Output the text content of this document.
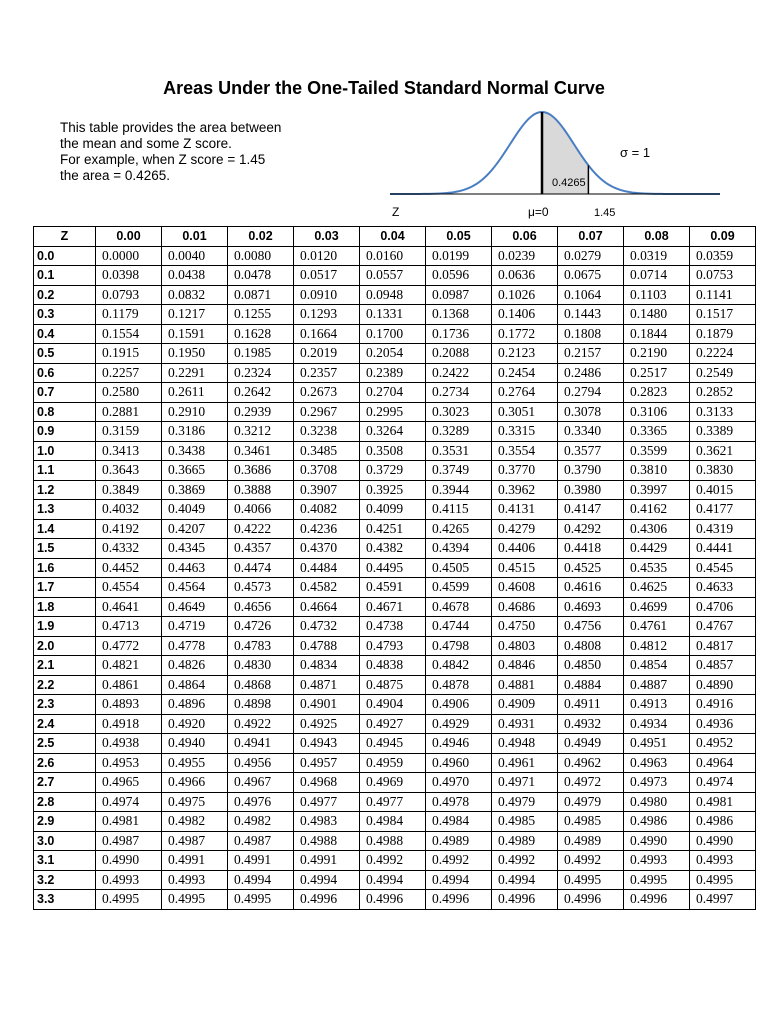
Areas Under the One-Tailed Standard Normal Curve
This table provides the area between
the mean and some Z score.
For example, when Z score = 1.45
the area = 0.4265.
σ = 1
0.4265
Z	μ=0	1.45
Z	0.00	0.01	0.02	0.03	0.04	0.05	0.06	0.07	0.08	0.09
0.0	0.0000	0.0040	0.0080	0.0120	0.0160	0.0199	0.0239	0.0279	0.0319	0.0359
0.1	0.0398	0.0438	0.0478	0.0517	0.0557	0.0596	0.0636	0.0675	0.0714	0.0753
0.2	0.0793	0.0832	0.0871	0.0910	0.0948	0.0987	0.1026	0.1064	0.1103	0.1141
0.3	0.1179	0.1217	0.1255	0.1293	0.1331	0.1368	0.1406	0.1443	0.1480	0.1517
0.4	0.1554	0.1591	0.1628	0.1664	0.1700	0.1736	0.1772	0.1808	0.1844	0.1879
0.5	0.1915	0.1950	0.1985	0.2019	0.2054	0.2088	0.2123	0.2157	0.2190	0.2224
0.6	0.2257	0.2291	0.2324	0.2357	0.2389	0.2422	0.2454	0.2486	0.2517	0.2549
0.7	0.2580	0.2611	0.2642	0.2673	0.2704	0.2734	0.2764	0.2794	0.2823	0.2852
0.8	0.2881	0.2910	0.2939	0.2967	0.2995	0.3023	0.3051	0.3078	0.3106	0.3133
0.9	0.3159	0.3186	0.3212	0.3238	0.3264	0.3289	0.3315	0.3340	0.3365	0.3389
1.0	0.3413	0.3438	0.3461	0.3485	0.3508	0.3531	0.3554	0.3577	0.3599	0.3621
1.1	0.3643	0.3665	0.3686	0.3708	0.3729	0.3749	0.3770	0.3790	0.3810	0.3830
1.2	0.3849	0.3869	0.3888	0.3907	0.3925	0.3944	0.3962	0.3980	0.3997	0.4015
1.3	0.4032	0.4049	0.4066	0.4082	0.4099	0.4115	0.4131	0.4147	0.4162	0.4177
1.4	0.4192	0.4207	0.4222	0.4236	0.4251	0.4265	0.4279	0.4292	0.4306	0.4319
1.5	0.4332	0.4345	0.4357	0.4370	0.4382	0.4394	0.4406	0.4418	0.4429	0.4441
1.6	0.4452	0.4463	0.4474	0.4484	0.4495	0.4505	0.4515	0.4525	0.4535	0.4545
1.7	0.4554	0.4564	0.4573	0.4582	0.4591	0.4599	0.4608	0.4616	0.4625	0.4633
1.8	0.4641	0.4649	0.4656	0.4664	0.4671	0.4678	0.4686	0.4693	0.4699	0.4706
1.9	0.4713	0.4719	0.4726	0.4732	0.4738	0.4744	0.4750	0.4756	0.4761	0.4767
2.0	0.4772	0.4778	0.4783	0.4788	0.4793	0.4798	0.4803	0.4808	0.4812	0.4817
2.1	0.4821	0.4826	0.4830	0.4834	0.4838	0.4842	0.4846	0.4850	0.4854	0.4857
2.2	0.4861	0.4864	0.4868	0.4871	0.4875	0.4878	0.4881	0.4884	0.4887	0.4890
2.3	0.4893	0.4896	0.4898	0.4901	0.4904	0.4906	0.4909	0.4911	0.4913	0.4916
2.4	0.4918	0.4920	0.4922	0.4925	0.4927	0.4929	0.4931	0.4932	0.4934	0.4936
2.5	0.4938	0.4940	0.4941	0.4943	0.4945	0.4946	0.4948	0.4949	0.4951	0.4952
2.6	0.4953	0.4955	0.4956	0.4957	0.4959	0.4960	0.4961	0.4962	0.4963	0.4964
2.7	0.4965	0.4966	0.4967	0.4968	0.4969	0.4970	0.4971	0.4972	0.4973	0.4974
2.8	0.4974	0.4975	0.4976	0.4977	0.4977	0.4978	0.4979	0.4979	0.4980	0.4981
2.9	0.4981	0.4982	0.4982	0.4983	0.4984	0.4984	0.4985	0.4985	0.4986	0.4986
3.0	0.4987	0.4987	0.4987	0.4988	0.4988	0.4989	0.4989	0.4989	0.4990	0.4990
3.1	0.4990	0.4991	0.4991	0.4991	0.4992	0.4992	0.4992	0.4992	0.4993	0.4993
3.2	0.4993	0.4993	0.4994	0.4994	0.4994	0.4994	0.4994	0.4995	0.4995	0.4995
3.3	0.4995	0.4995	0.4995	0.4996	0.4996	0.4996	0.4996	0.4996	0.4996	0.4997
